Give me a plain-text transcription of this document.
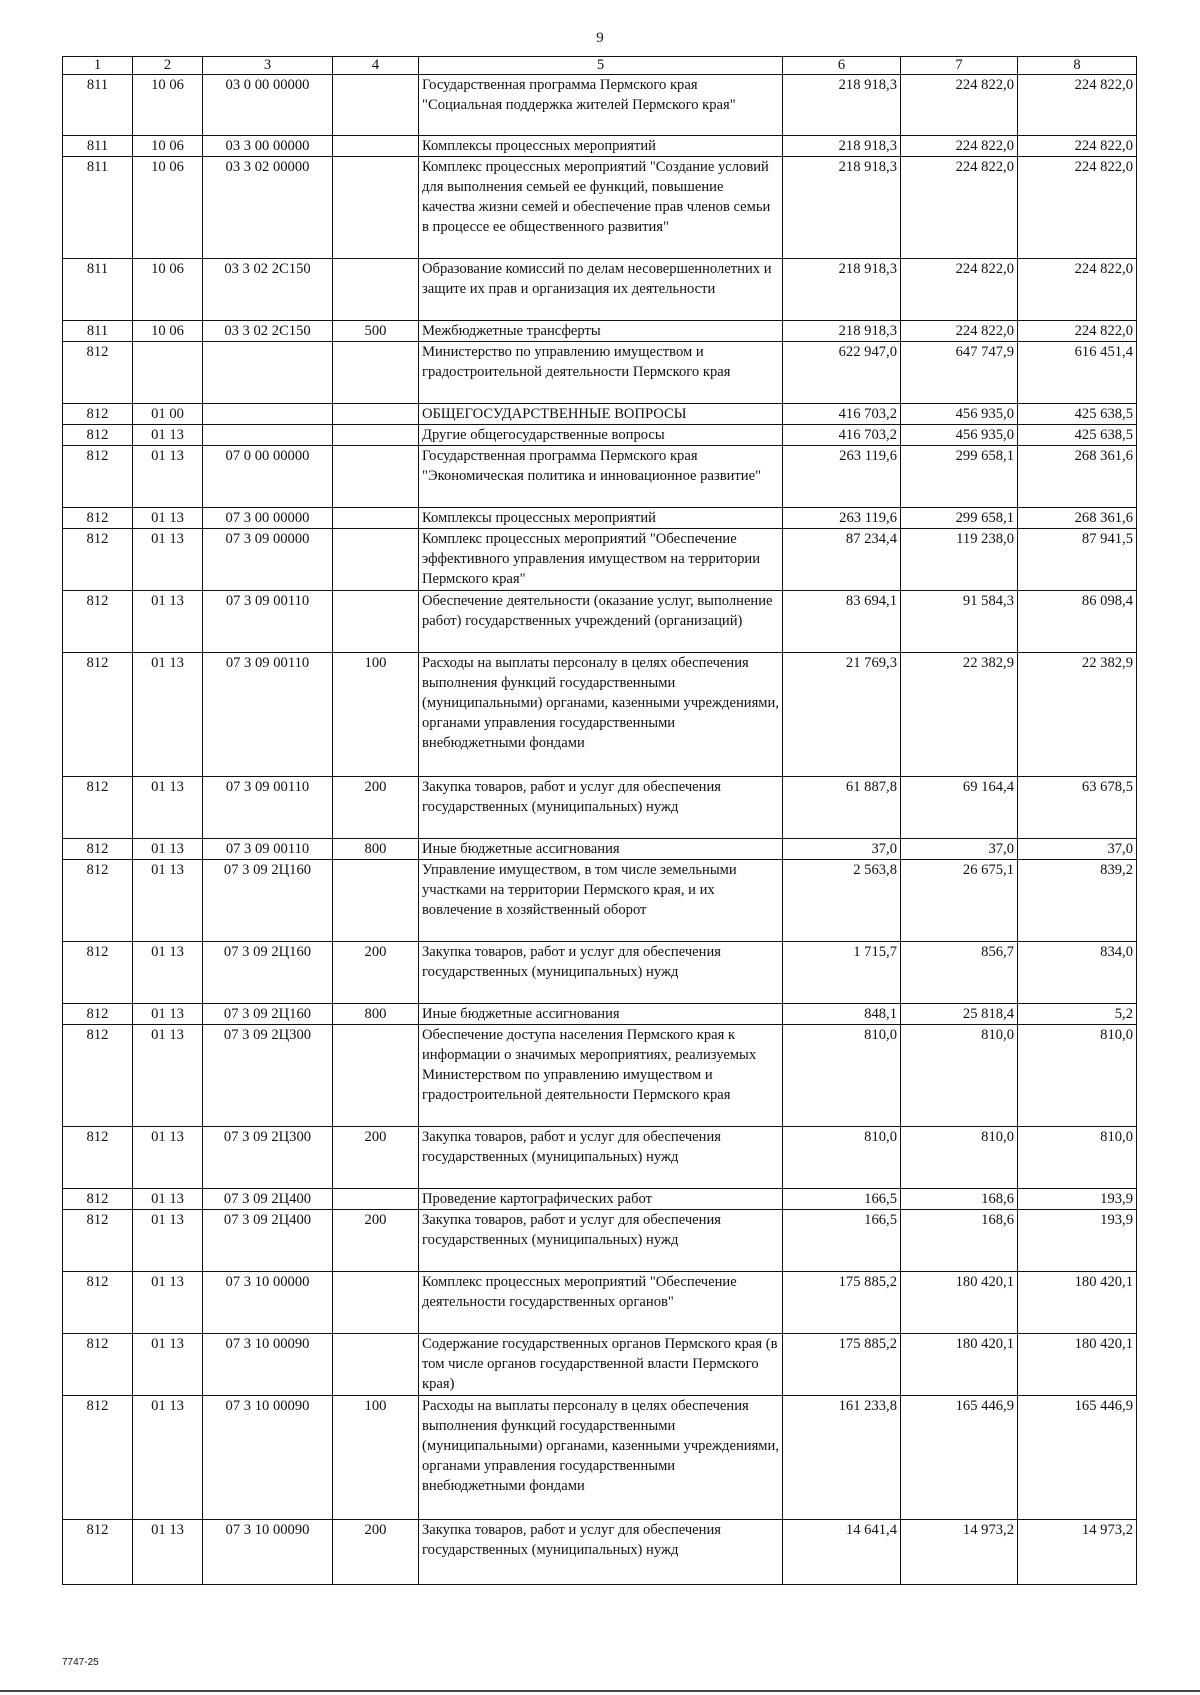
9
1	2	3	4	5	6	7	8
811	10 06	03 0 00 00000		Государственная программа Пермского края "Социальная поддержка жителей Пермского края"	218 918,3	224 822,0	224 822,0
811	10 06	03 3 00 00000		Комплексы процессных мероприятий	218 918,3	224 822,0	224 822,0
811	10 06	03 3 02 00000		Комплекс процессных мероприятий "Создание условий для выполнения семьей ее функций, повышение качества жизни семей и обеспечение прав членов семьи в процессе ее общественного развития"	218 918,3	224 822,0	224 822,0
811	10 06	03 3 02 2С150		Образование комиссий по делам несовершеннолетних и защите их прав и организация их деятельности	218 918,3	224 822,0	224 822,0
811	10 06	03 3 02 2С150	500	Межбюджетные трансферты	218 918,3	224 822,0	224 822,0
812				Министерство по управлению имуществом и градостроительной деятельности Пермского края	622 947,0	647 747,9	616 451,4
812	01 00			ОБЩЕГОСУДАРСТВЕННЫЕ ВОПРОСЫ	416 703,2	456 935,0	425 638,5
812	01 13			Другие общегосударственные вопросы	416 703,2	456 935,0	425 638,5
812	01 13	07 0 00 00000		Государственная программа Пермского края "Экономическая политика и инновационное развитие"	263 119,6	299 658,1	268 361,6
812	01 13	07 3 00 00000		Комплексы процессных мероприятий	263 119,6	299 658,1	268 361,6
812	01 13	07 3 09 00000		Комплекс процессных мероприятий "Обеспечение эффективного управления имуществом на территории Пермского края"	87 234,4	119 238,0	87 941,5
812	01 13	07 3 09 00110		Обеспечение деятельности (оказание услуг, выполнение работ) государственных учреждений (организаций)	83 694,1	91 584,3	86 098,4
812	01 13	07 3 09 00110	100	Расходы на выплаты персоналу в целях обеспечения выполнения функций государственными (муниципальными) органами, казенными учреждениями, органами управления государственными внебюджетными фондами	21 769,3	22 382,9	22 382,9
812	01 13	07 3 09 00110	200	Закупка товаров, работ и услуг для обеспечения государственных (муниципальных) нужд	61 887,8	69 164,4	63 678,5
812	01 13	07 3 09 00110	800	Иные бюджетные ассигнования	37,0	37,0	37,0
812	01 13	07 3 09 2Ц160		Управление имуществом, в том числе земельными участками на территории Пермского края, и их вовлечение в хозяйственный оборот	2 563,8	26 675,1	839,2
812	01 13	07 3 09 2Ц160	200	Закупка товаров, работ и услуг для обеспечения государственных (муниципальных) нужд	1 715,7	856,7	834,0
812	01 13	07 3 09 2Ц160	800	Иные бюджетные ассигнования	848,1	25 818,4	5,2
812	01 13	07 3 09 2Ц300		Обеспечение доступа населения Пермского края к информации о значимых мероприятиях, реализуемых Министерством по управлению имуществом и градостроительной деятельности Пермского края	810,0	810,0	810,0
812	01 13	07 3 09 2Ц300	200	Закупка товаров, работ и услуг для обеспечения государственных (муниципальных) нужд	810,0	810,0	810,0
812	01 13	07 3 09 2Ц400		Проведение картографических работ	166,5	168,6	193,9
812	01 13	07 3 09 2Ц400	200	Закупка товаров, работ и услуг для обеспечения государственных (муниципальных) нужд	166,5	168,6	193,9
812	01 13	07 3 10 00000		Комплекс процессных мероприятий "Обеспечение деятельности государственных органов"	175 885,2	180 420,1	180 420,1
812	01 13	07 3 10 00090		Содержание государственных органов Пермского края (в том числе органов государственной власти Пермского края)	175 885,2	180 420,1	180 420,1
812	01 13	07 3 10 00090	100	Расходы на выплаты персоналу в целях обеспечения выполнения функций государственными (муниципальными) органами, казенными учреждениями, органами управления государственными внебюджетными фондами	161 233,8	165 446,9	165 446,9
812	01 13	07 3 10 00090	200	Закупка товаров, работ и услуг для обеспечения государственных (муниципальных) нужд	14 641,4	14 973,2	14 973,2
7747-25
